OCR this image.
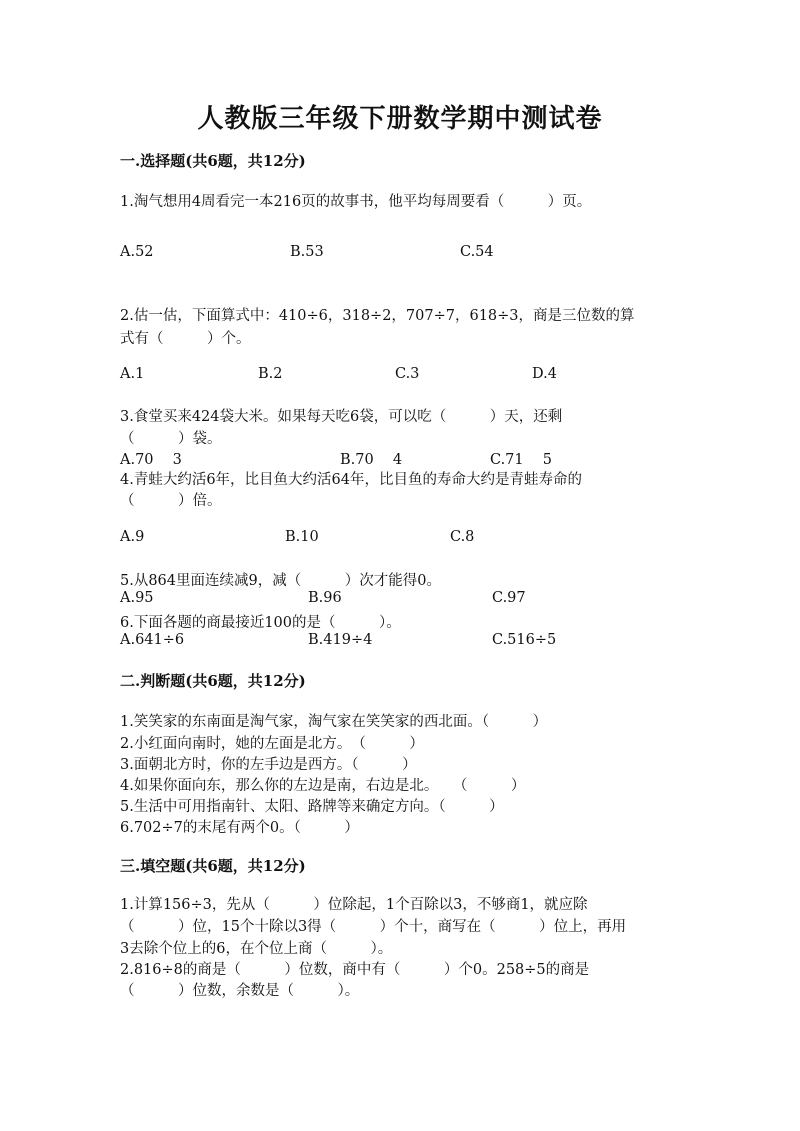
人教版三年级下册数学期中测试卷
一.选择题(共6题，共12分)
1.淘气想用4周看完一本216页的故事书，他平均每周要看（　　　）页。
A.52	B.53	C.54
2.估一估，下面算式中：410÷6，318÷2，707÷7，618÷3，商是三位数的算
式有（　　　）个。
A.1	B.2	C.3	D.4
3.食堂买来424袋大米。如果每天吃6袋，可以吃（　　　）天，还剩
（　　　）袋。
A.70　 3	B.70　 4	C.71　 5
4.青蛙大约活6年，比目鱼大约活64年，比目鱼的寿命大约是青蛙寿命的
（　　　）倍。
A.9	B.10	C.8
5.从864里面连续减9，减（　　　）次才能得0。
A.95	B.96	C.97
6.下面各题的商最接近100的是（　　　）。
A.641÷6	B.419÷4	C.516÷5
二.判断题(共6题，共12分)
1.笑笑家的东南面是淘气家，淘气家在笑笑家的西北面。（　　　）
2.小红面向南时，她的左面是北方。　（　　　）
3.面朝北方时，你的左手边是西方。（　　　）
4.如果你面向东，那么你的左边是南，右边是北。　　（　　　）
5.生活中可用指南针、太阳、路牌等来确定方向。（　　　）
6.702÷7的末尾有两个0。（　　　）
三.填空题(共6题，共12分)
1.计算156÷3，先从（　　　）位除起，1个百除以3，不够商1，就应除
（　　　）位，15个十除以3得（　　　）个十，商写在（　　　）位上，再用
3去除个位上的6，在个位上商（　　　）。
2.816÷8的商是（　　　）位数，商中有（　　　）个0。258÷5的商是
（　　　）位数，余数是（　　　）。
